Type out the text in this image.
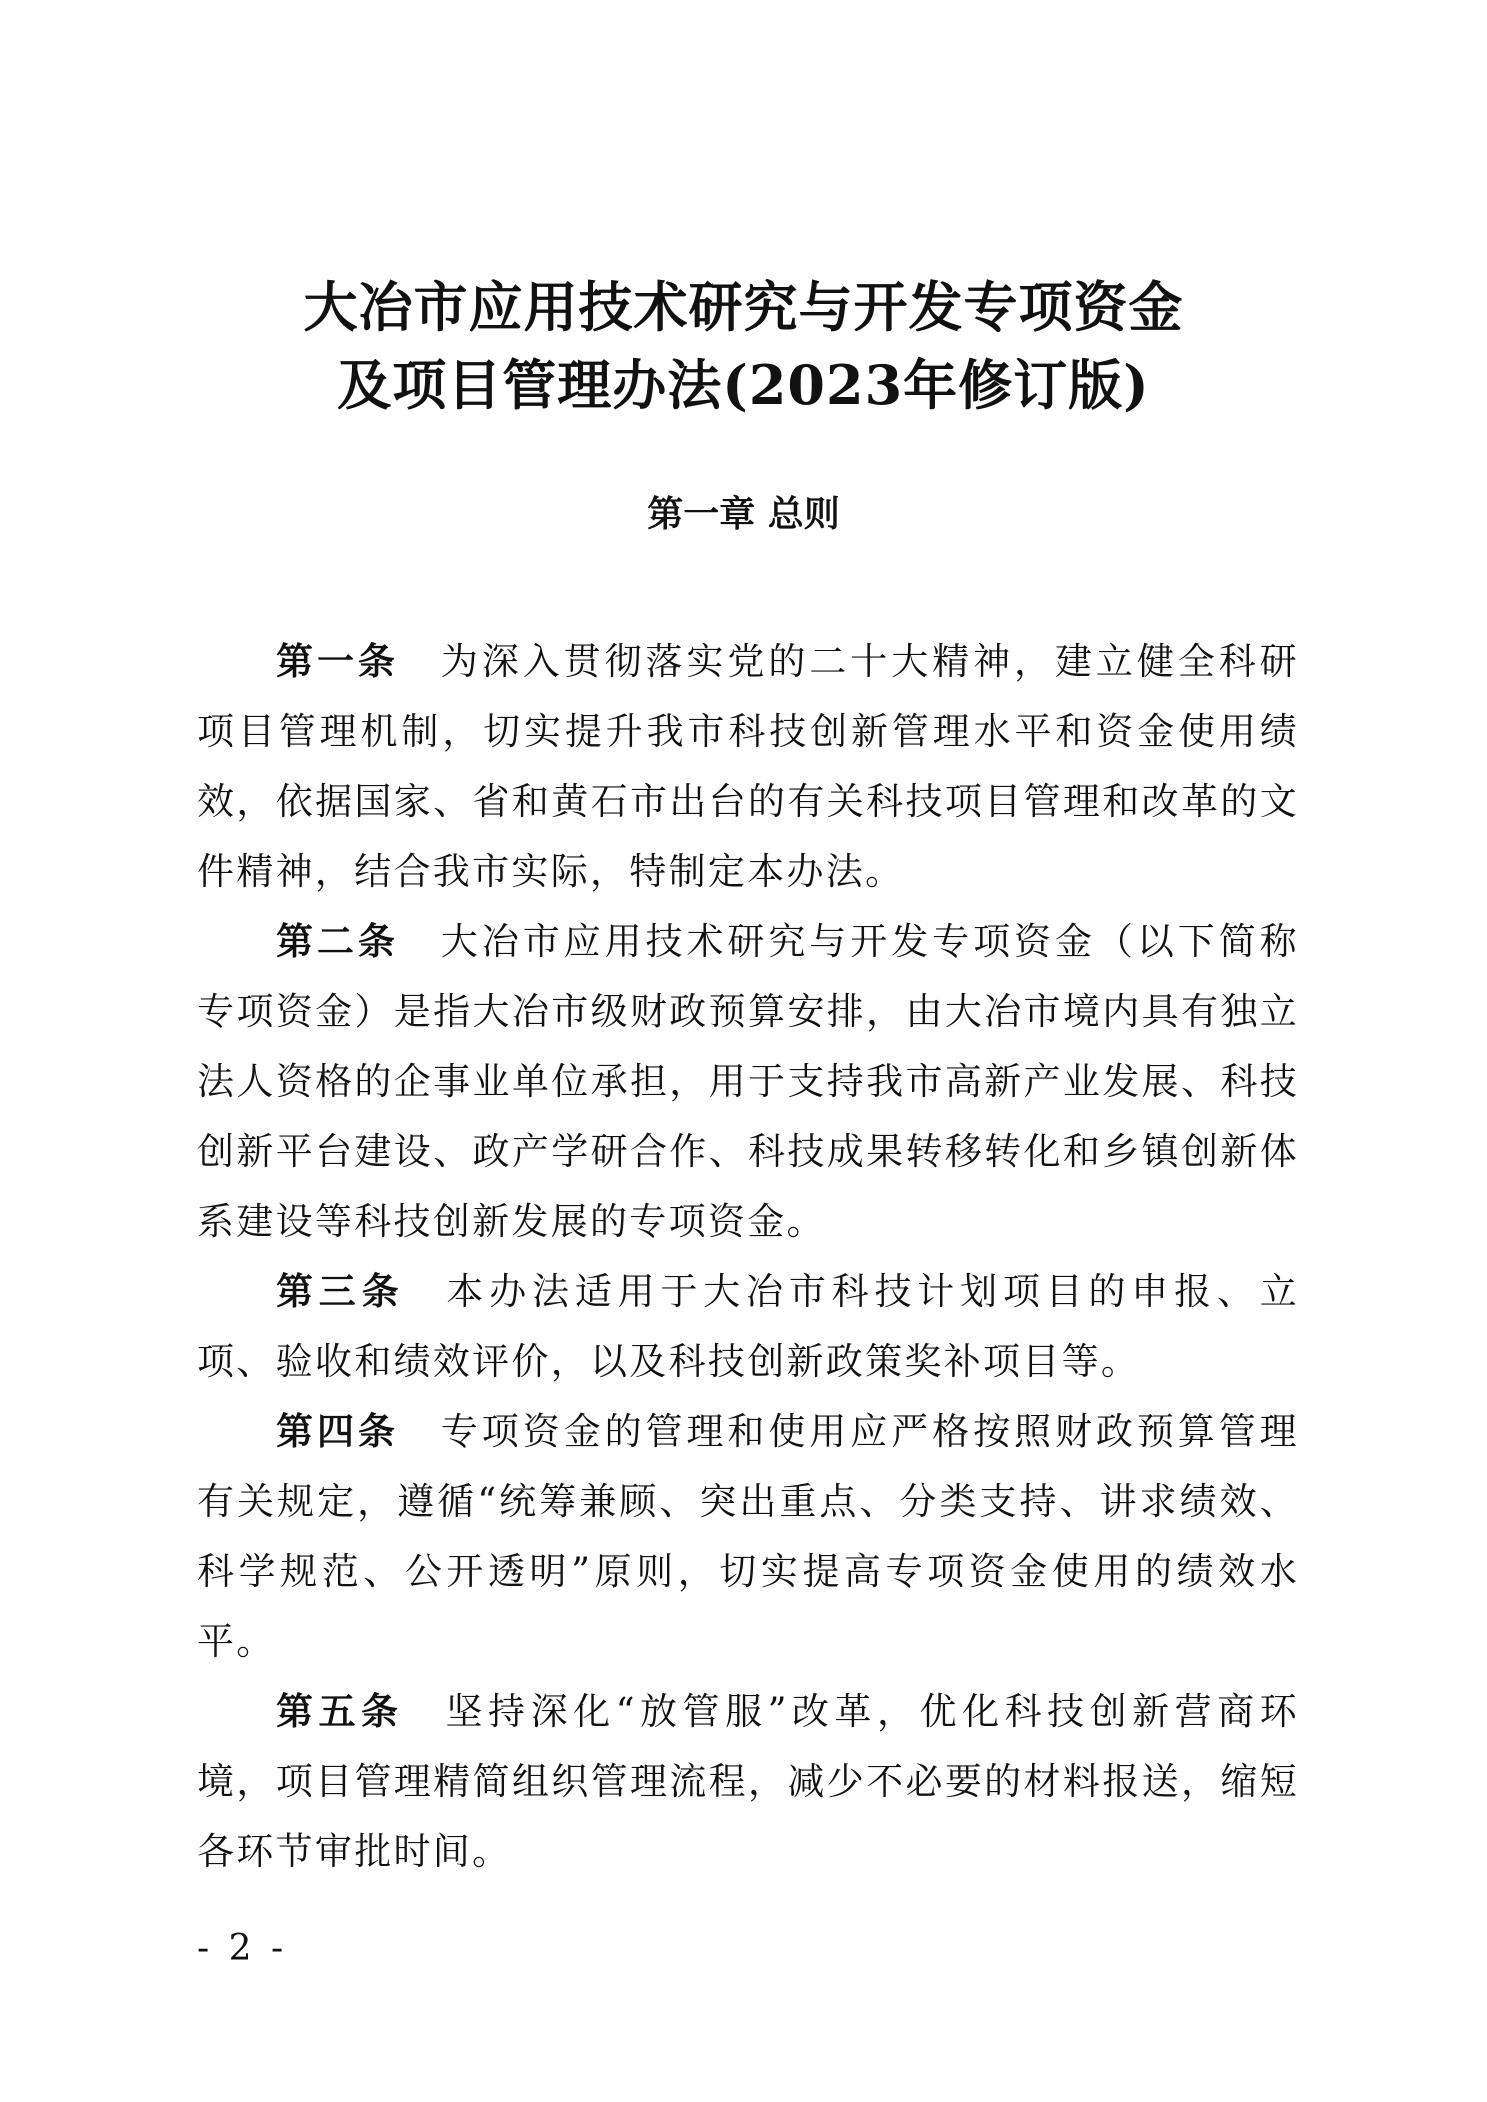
大冶市应用技术研究与开发专项资金
及项目管理办法(2023年修订版)
第一章 总则

第一条 为深入贯彻落实党的二十大精神，建立健全科研项目管理机制，切实提升我市科技创新管理水平和资金使用绩效，依据国家、省和黄石市出台的有关科技项目管理和改革的文件精神，结合我市实际，特制定本办法。

第二条 大冶市应用技术研究与开发专项资金（以下简称专项资金）是指大冶市级财政预算安排，由大冶市境内具有独立法人资格的企事业单位承担，用于支持我市高新产业发展、科技创新平台建设、政产学研合作、科技成果转移转化和乡镇创新体系建设等科技创新发展的专项资金。

第三条 本办法适用于大冶市科技计划项目的申报、立项、验收和绩效评价，以及科技创新政策奖补项目等。

第四条 专项资金的管理和使用应严格按照财政预算管理有关规定，遵循“统筹兼顾、突出重点、分类支持、讲求绩效、科学规范、公开透明”原则，切实提高专项资金使用的绩效水平。

第五条 坚持深化“放管服”改革，优化科技创新营商环境，项目管理精简组织管理流程，减少不必要的材料报送，缩短各环节审批时间。

- 2 -
